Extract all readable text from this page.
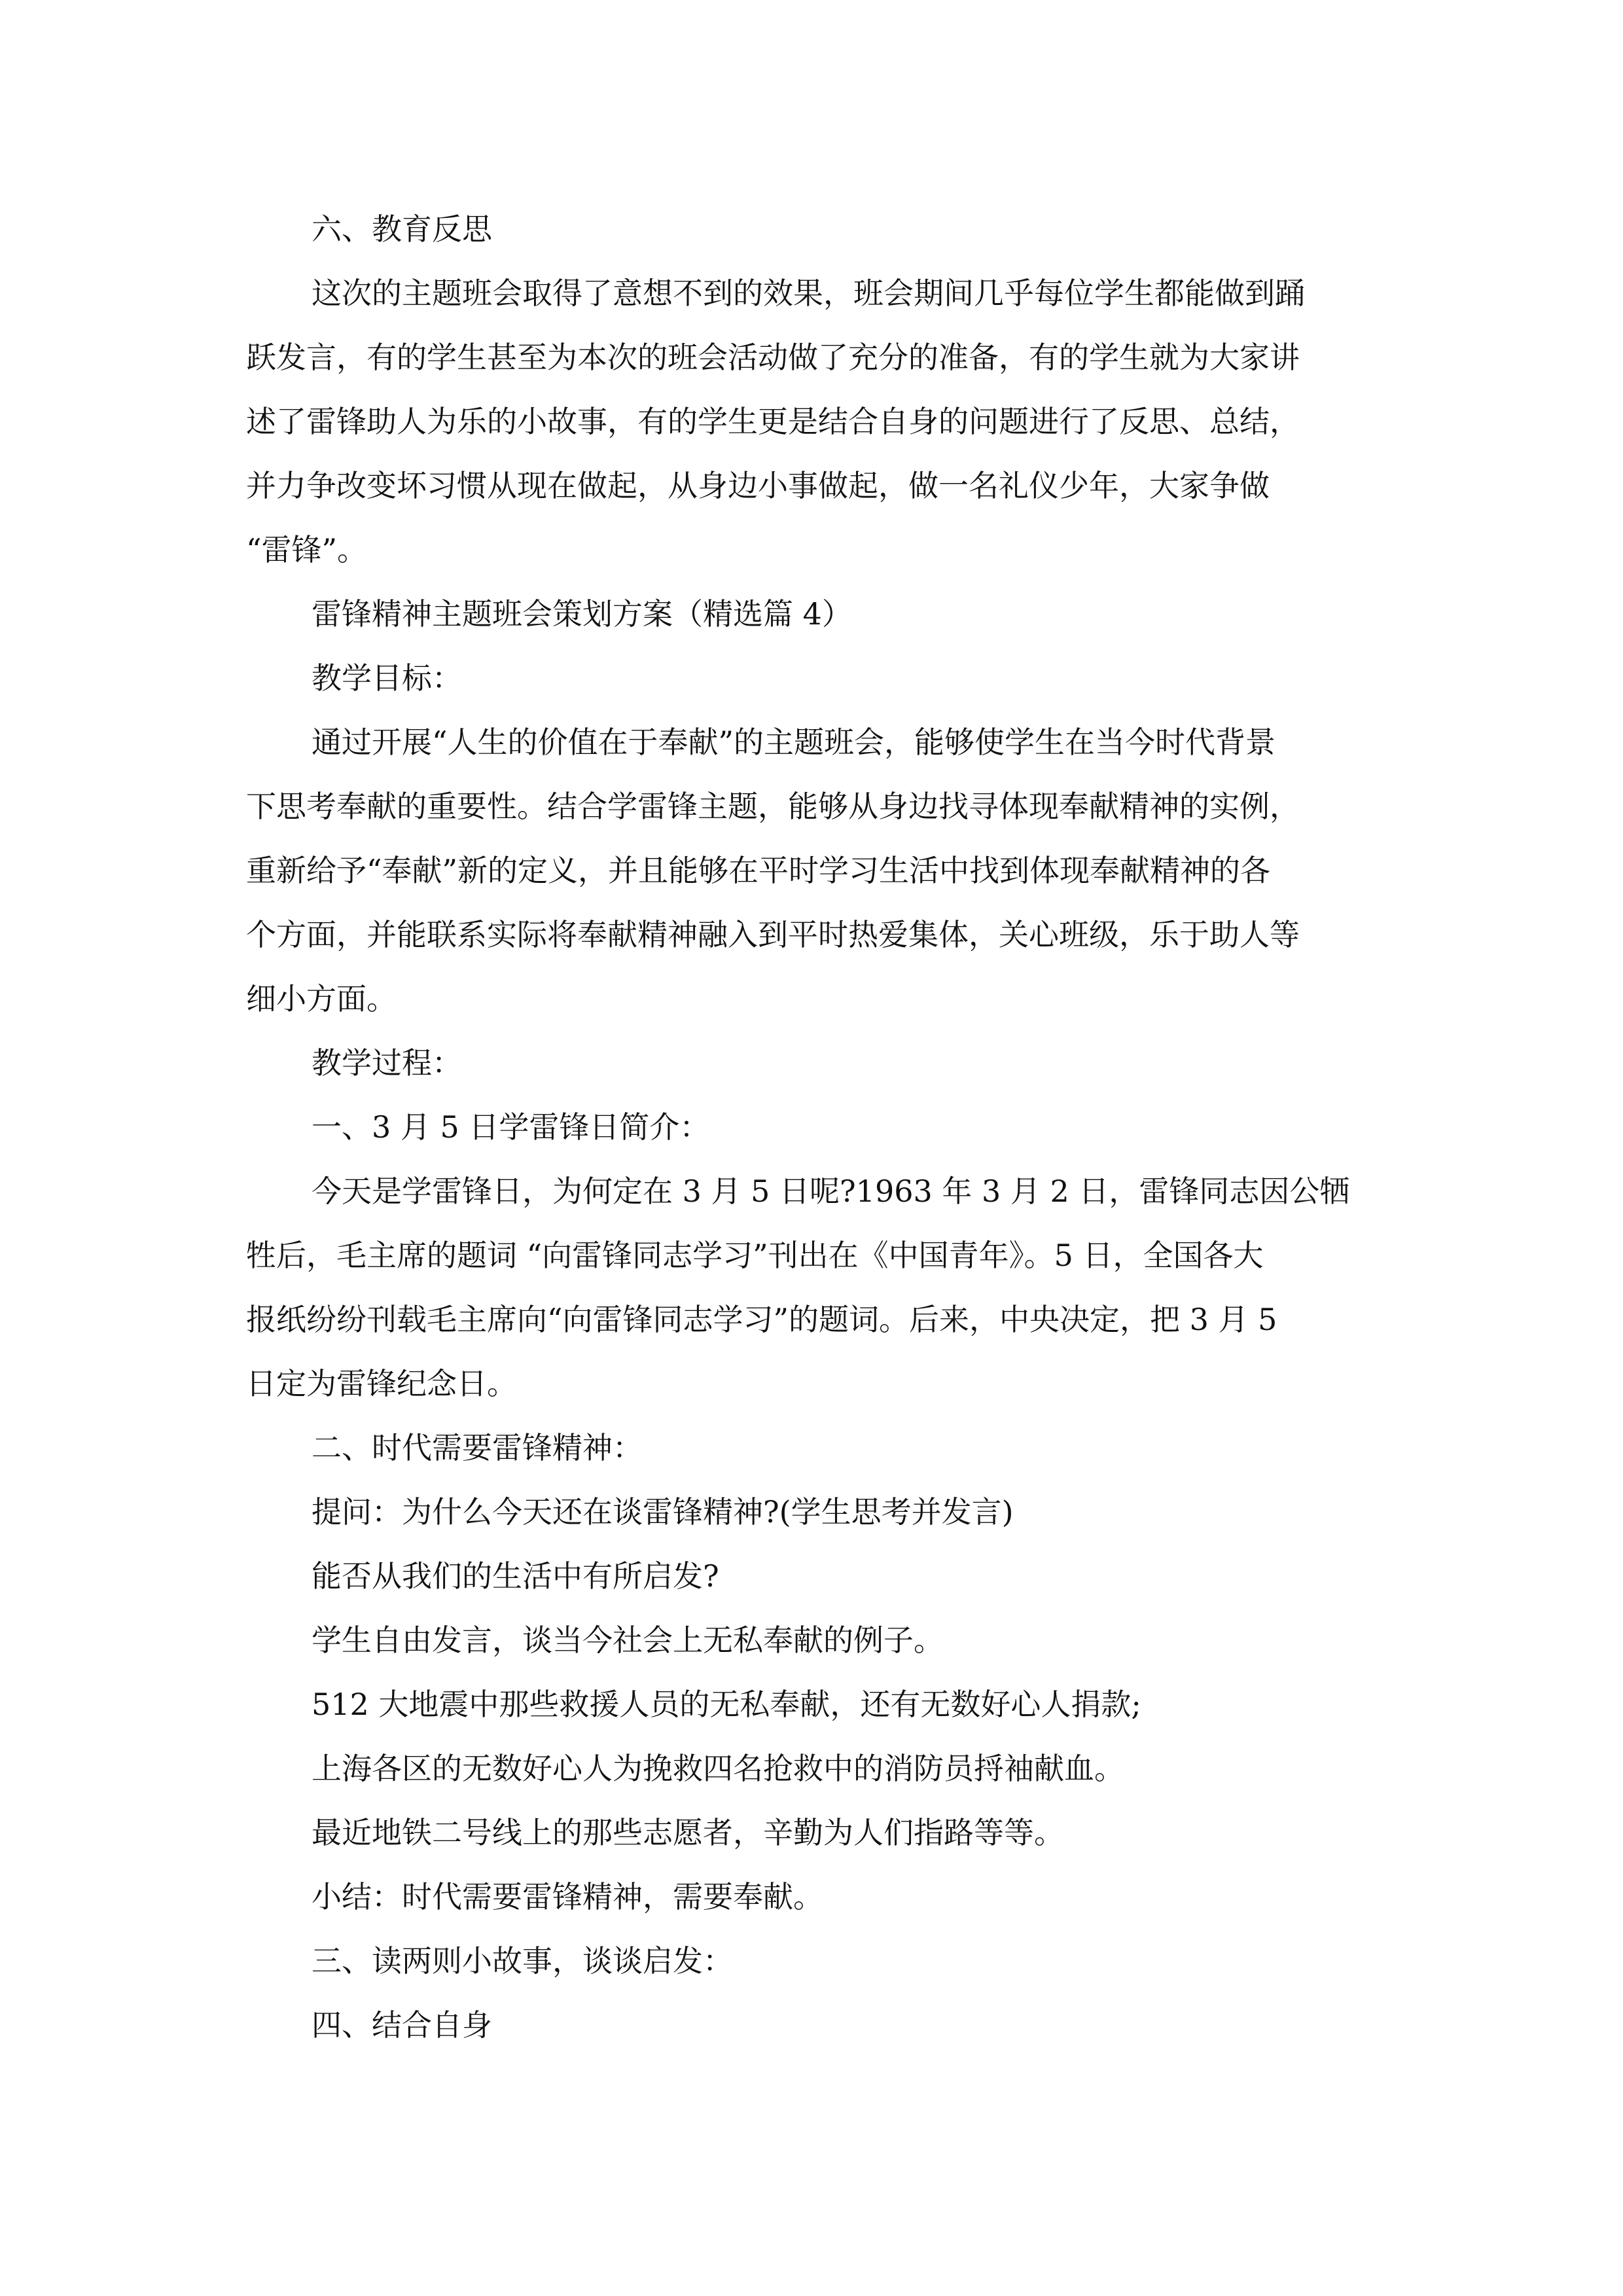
六、教育反思
这次的主题班会取得了意想不到的效果，班会期间几乎每位学生都能做到踊
跃发言，有的学生甚至为本次的班会活动做了充分的准备，有的学生就为大家讲
述了雷锋助人为乐的小故事，有的学生更是结合自身的问题进行了反思、总结，
并力争改变坏习惯从现在做起，从身边小事做起，做一名礼仪少年，大家争做
“雷锋”。
雷锋精神主题班会策划方案（精选篇 4）
教学目标：
通过开展“人生的价值在于奉献”的主题班会，能够使学生在当今时代背景
下思考奉献的重要性。结合学雷锋主题，能够从身边找寻体现奉献精神的实例，
重新给予“奉献”新的定义，并且能够在平时学习生活中找到体现奉献精神的各
个方面，并能联系实际将奉献精神融入到平时热爱集体，关心班级，乐于助人等
细小方面。
教学过程：
一、3 月 5 日学雷锋日简介：
今天是学雷锋日，为何定在 3 月 5 日呢?1963 年 3 月 2 日，雷锋同志因公牺
牲后，毛主席的题词 “向雷锋同志学习”刊出在《中国青年》。5 日，全国各大
报纸纷纷刊载毛主席向“向雷锋同志学习”的题词。后来，中央决定，把 3 月 5
日定为雷锋纪念日。
二、时代需要雷锋精神：
提问：为什么今天还在谈雷锋精神?(学生思考并发言)
能否从我们的生活中有所启发?
学生自由发言，谈当今社会上无私奉献的例子。
512 大地震中那些救援人员的无私奉献，还有无数好心人捐款;
上海各区的无数好心人为挽救四名抢救中的消防员捋袖献血。
最近地铁二号线上的那些志愿者，辛勤为人们指路等等。
小结：时代需要雷锋精神，需要奉献。
三、读两则小故事，谈谈启发：
四、结合自身
